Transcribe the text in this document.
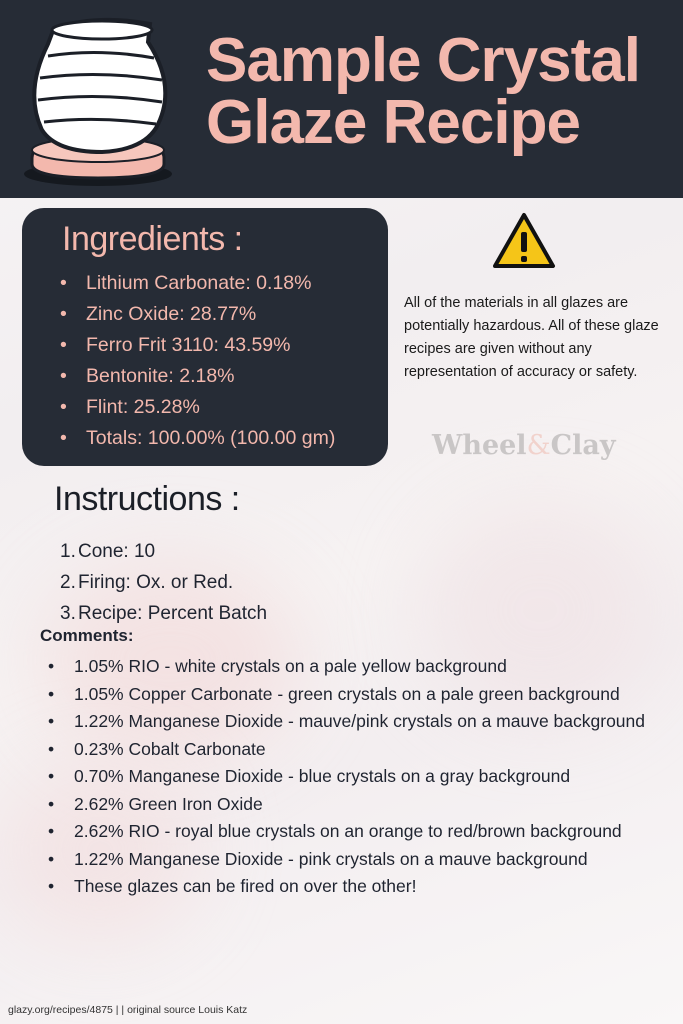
Sample Crystal
Glaze Recipe
Ingredients :
• Lithium Carbonate: 0.18%
• Zinc Oxide: 28.77%
• Ferro Frit 3110: 43.59%
• Bentonite: 2.18%
• Flint: 25.28%
• Totals: 100.00% (100.00 gm)
All of the materials in all glazes are potentially hazardous. All of these glaze recipes are given without any representation of accuracy or safety.
Wheel&Clay
Instructions :
1. Cone: 10
2. Firing: Ox. or Red.
3. Recipe: Percent Batch
Comments:
• 1.05% RIO - white crystals on a pale yellow background
• 1.05% Copper Carbonate - green crystals on a pale green background
• 1.22% Manganese Dioxide - mauve/pink crystals on a mauve background
• 0.23% Cobalt Carbonate
• 0.70% Manganese Dioxide - blue crystals on a gray background
• 2.62% Green Iron Oxide
• 2.62% RIO - royal blue crystals on an orange to red/brown background
• 1.22% Manganese Dioxide - pink crystals on a mauve background
• These glazes can be fired on over the other!
glazy.org/recipes/4875 | | original source Louis Katz
